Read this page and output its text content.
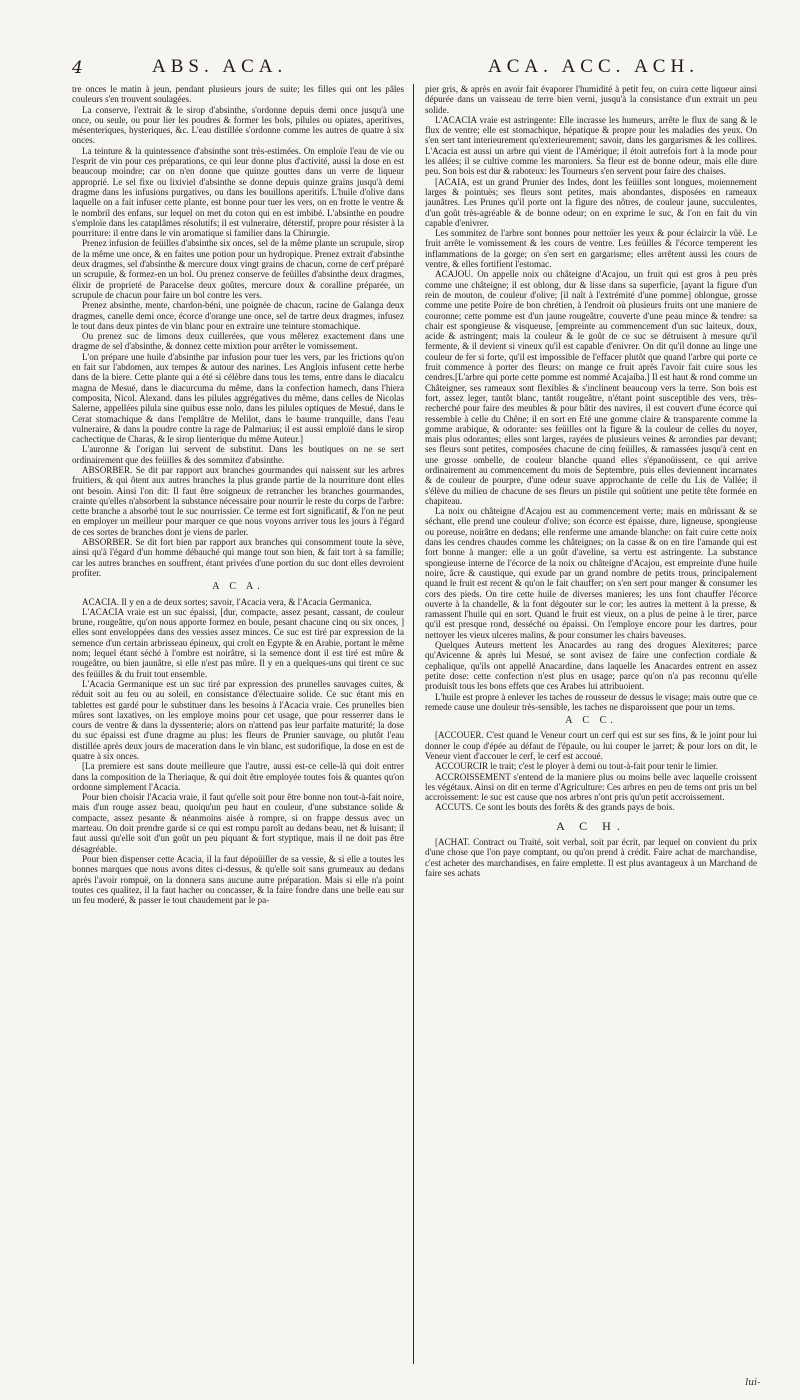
4	ABS. ACA.	ACA. ACC. ACH.

tre onces le matin à jeun, pendant plusieurs jours de suite; les filles qui ont les pâles couleurs s'en trouvent soulagées.

La conserve, l'extrait & le sirop d'absinthe, s'ordonne depuis demi once jusqu'à une once, ou seule, ou pour lier les poudres & former les bols, pilules ou opiates, aperitives, mésenteriques, hysteriques, &c. L'eau distillée s'ordonne comme les autres de quatre à six onces.

La teinture & la quintessence d'absinthe sont très-estimées. On emploïe l'eau de vie ou l'esprit de vin pour ces préparations, ce qui leur donne plus d'activité, aussi la dose en est beaucoup moindre; car on n'en donne que quinze gouttes dans un verre de liqueur approprié. Le sel fixe ou lixiviel d'absinthe se donne depuis quinze grains jusqu'à demi dragme dans les infusions purgatives, ou dans les bouillons aperitifs. L'huile d'olive dans laquelle on a fait infuser cette plante, est bonne pour tuer les vers, on en frotte le ventre & le nombril des enfans, sur lequel on met du coton qui en est imbibé. L'absinthe en poudre s'emploïe dans les cataplâmes résolutifs; il est vulneraire, déterstif, propre pour résister à la pourriture: il entre dans le vin aromatique si familier dans la Chirurgie.

Prenez infusion de feüilles d'absinthe six onces, sel de la même plante un scrupule, sirop de la même une once, & en faites une potion pour un hydropique. Prenez extrait d'absinthe deux dragmes, sel d'absinthe & mercure doux vingt grains de chacun, corne de cerf préparé un scrupule, & formez-en un bol. Ou prenez conserve de feüilles d'absinthe deux dragmes, élixir de proprieté de Paracelse deux goûtes, mercure doux & coralline préparée, un scrupule de chacun pour faire un bol contre les vers.

Prenez absinthe, mente, chardon-béni, une poignée de chacun, racine de Galanga deux dragmes, canelle demi once, écorce d'orange une once, sel de tartre deux dragmes, infusez le tout dans deux pintes de vin blanc pour en extraire une teinture stomachique.

Ou prenez suc de limons deux cuillerées, que vous mêlerez exactement dans une dragme de sel d'absinthe, & donnez cette mixtion pour arrêter le vomissement.

L'on prépare une huile d'absinthe par infusion pour tuer les vers, par les frictions qu'on en fait sur l'abdomen, aux tempes & autour des narines. Les Anglois infusent cette herbe dans de la biere. Cette plante qui a été si célèbre dans tous les tems, entre dans le diacalcu magna de Mesué, dans le diacurcuma du même, dans la confection hamech, dans l'hiera composita, Nicol. Alexand. dans les pilules aggrégatives du même, dans celles de Nicolas Salerne, appellées pilula sine quibus esse nolo, dans les pilules optiques de Mesué, dans le Cerat stomachique & dans l'emplâtre de Melilot, dans le baume tranquille, dans l'eau vulneraire, & dans la poudre contre la rage de Palmarius; il est aussi emploïé dans le sirop cachectique de Charas, & le sirop lienterique du même Auteur.]

L'auronne & l'origan lui servent de substitut. Dans les boutiques on ne se sert ordinairement que des feüilles & des sommitez d'absinthe.

ABSORBER. Se dit par rapport aux branches gourmandes qui naissent sur les arbres fruitiers, & qui ôtent aux autres branches la plus grande partie de la nourriture dont elles ont besoin. Ainsi l'on dit: Il faut être soigneux de retrancher les branches gourmandes, crainte qu'elles n'absorbent la substance nécessaire pour nourrir le reste du corps de l'arbre: cette branche a absorbé tout le suc nourrissier. Ce terme est fort significatif, & l'on ne peut en employer un meilleur pour marquer ce que nous voyons arriver tous les jours à l'égard de ces sortes de branches dont je viens de parler.

ABSORBER. Se dit fort bien par rapport aux branches qui consomment toute la sève, ainsi qu'à l'égard d'un homme débauché qui mange tout son bien, & fait tort à sa famille; car les autres branches en souffrent, étant privées d'une portion du suc dont elles devroient profiter.

A C A.

ACACIA. Il y en a de deux sortes; savoir, l'Acacia vera, & l'Acacia Germanica.

L'ACACIA vraie est un suc épaissi, [dur, compacte, assez pesant, cassant, de couleur brune, rougeâtre, qu'on nous apporte formez en boule, pesant chacune cinq ou six onces, ] elles sont enveloppées dans des vessies assez minces. Ce suc est tiré par expression de la semence d'un certain arbrisseau épineux, qui croît en Egypte & en Arabie, portant le même nom; lequel étant séché à l'ombre est noirâtre, si la semence dont il est tiré est mûre & rougeâtre, ou bien jaunâtre, si elle n'est pas mûre. Il y en a quelques-uns qui tirent ce suc des feüilles & du fruit tout ensemble.

L'Acacia Germanique est un suc tiré par expression des prunelles sauvages cuites, & réduit soit au feu ou au soleil, en consistance d'électuaire solide. Ce suc étant mis en tablettes est gardé pour le substituer dans les besoins à l'Acacia vraie. Ces prunelles bien mûres sont laxatives, on les employe moins pour cet usage, que pour resserrer dans le cours de ventre & dans la dyssenterie; alors on n'attend pas leur parfaite maturité; la dose du suc épaissi est d'une dragme au plus: les fleurs de Prunier sauvage, ou plutôt l'eau distillée après deux jours de maceration dans le vin blanc, est sudorifique, la dose en est de quatre à six onces.

[La premiere est sans doute meilleure que l'autre, aussi est-ce celle-là qui doit entrer dans la composition de la Theriaque, & qui doit être employée toutes fois & quantes qu'on ordonne simplement l'Acacia.

Pour bien choisir l'Acacia vraie, il faut qu'elle soit pour être bonne non tout-à-fait noire, mais d'un rouge assez beau, quoiqu'un peu haut en couleur, d'une substance solide & compacte, assez pesante & néanmoins aisée à rompre, si on frappe dessus avec un marteau. On doit prendre garde si ce qui est rompu paroît au dedans beau, net & luisant; il faut aussi qu'elle soit d'un goût un peu piquant & fort styptique, mais il ne doit pas être désagréable.

Pour bien dispenser cette Acacia, il la faut dépoüiller de sa vessie, & si elle a toutes les bonnes marques que nous avons dites ci-dessus, & qu'elle soit sans grumeaux au dedans après l'avoir rompuë, on la donnera sans aucune autre préparation. Mais si elle n'a point toutes ces qualitez, il la faut hacher ou concasser, & la faire fondre dans une belle eau sur un feu moderé, & passer le tout chaudement par le pa-

pier gris, & après en avoir fait évaporer l'humidité à petit feu, on cuira cette liqueur ainsi dépurée dans un vaisseau de terre bien verni, jusqu'à la consistance d'un extrait un peu solide.

L'ACACIA vraie est astringente: Elle incrasse les humeurs, arrête le flux de sang & le flux de ventre; elle est stomachique, hépatique & propre pour les maladies des yeux. On s'en sert tant interieurement qu'exterieurement; savoir, dans les gargarismes & les collires. L'Acacia est aussi un arbre qui vient de l'Amérique; il étoit autrefois fort à la mode pour les allées; il se cultive comme les maroniers. Sa fleur est de bonne odeur, mais elle dure peu. Son bois est dur & raboteux: les Tourneurs s'en servent pour faire des chaises.

[ACAIA, est un grand Prunier des Indes, dont les feüilles sont longues, moiennement larges & pointuës; ses fleurs sont petites, mais abondantes, disposées en rameaux jaunâtres. Les Prunes qu'il porte ont la figure des nôtres, de couleur jaune, succulentes, d'un goût très-agréable & de bonne odeur; on en exprime le suc, & l'on en fait du vin capable d'enivrer.

Les sommitez de l'arbre sont bonnes pour nettoïer les yeux & pour éclaircir la vûë. Le fruit arrête le vomissement & les cours de ventre. Les feüilles & l'écorce temperent les inflammations de la gorge; on s'en sert en gargarisme; elles arrêtent aussi les cours de ventre, & elles fortifient l'estomac.

ACAJOU. On appelle noix ou châteigne d'Acajou, un fruit qui est gros à peu près comme une châteigne; il est oblong, dur & lisse dans sa superficie, [ayant la figure d'un rein de mouton, de couleur d'olive; [il naît à l'extrémité d'une pomme] oblongue, grosse comme une petite Poire de bon chrétien, à l'endroit où plusieurs fruits ont une maniere de couronne; cette pomme est d'un jaune rougeâtre, couverte d'une peau mince & tendre: sa chair est spongieuse & visqueuse, [empreinte au commencement d'un suc laiteux, doux, acide & astringent; mais la couleur & le goût de ce suc se détruisent à mesure qu'il fermente, & il devient si vineux qu'il est capable d'enivrer. On dit qu'il donne au linge une couleur de fer si forte, qu'il est impossible de l'effacer plutôt que quand l'arbre qui porte ce fruit commence à porter des fleurs: on mange ce fruit après l'avoir fait cuire sous les cendres.[L'arbre qui porte cette pomme est nommé Acajaiba.] Il est haut & rond comme un Châteigner, ses rameaux sont flexibles & s'inclinent beaucoup vers la terre. Son bois est fort, assez leger, tantôt blanc, tantôt rougeâtre, n'étant point susceptible des vers, très-recherché pour faire des meubles & pour bâtir des navires, il est couvert d'une écorce qui ressemble à celle du Chêne; il en sort en Eté une gomme claire & transparente comme la gomme arabique, & odorante: ses feüilles ont la figure & la couleur de celles du noyer, mais plus odorantes; elles sont larges, rayées de plusieurs veines & arrondies par devant; ses fleurs sont petites, composées chacune de cinq feüilles, & ramassées jusqu'à cent en une grosse ombelle, de couleur blanche quand elles s'épanoüissent, ce qui arrive ordinairement au commencement du mois de Septembre, puis elles deviennent incarnates & de couleur de pourpre, d'une odeur suave approchante de celle du Lis de Vallée; il s'élève du milieu de chacune de ses fleurs un pistile qui soûtient une petite tête formée en chapiteau.

La noix ou châteigne d'Acajou est au commencement verte; mais en mûrissant & se séchant, elle prend une couleur d'olive; son écorce est épaisse, dure, ligneuse, spongieuse ou poreuse, noirâtre en dedans; elle renferme une amande blanche: on fait cuire cette noix dans les cendres chaudes comme les châteignes; on la casse & on en tire l'amande qui est fort bonne à manger: elle a un goût d'aveline, sa vertu est astringente. La substance spongieuse interne de l'écorce de la noix ou châteigne d'Acajou, est empreinte d'une huile noire, âcre & caustique, qui exude par un grand nombre de petits trous, principalement quand le fruit est recent & qu'on le fait chauffer; on s'en sert pour manger & consumer les cors des pieds. On tire cette huile de diverses manieres; les uns font chauffer l'écorce ouverte à la chandelle, & la font dégouter sur le cor; les autres la mettent à la presse, & ramassent l'huile qui en sort. Quand le fruit est vieux, on a plus de peine à le tirer, parce qu'il est presque rond, desséché ou épaissi. On l'employe encore pour les dartres, pour nettoyer les vieux ulceres malins, & pour consumer les chairs baveuses.

Quelques Auteurs mettent les Anacardes au rang des drogues Alexiteres; parce qu'Avicenne & après lui Mesué, se sont avisez de faire une confection cordiale & cephalique, qu'ils ont appellé Anacardine, dans laquelle les Anacardes entrent en assez petite dose: cette confection n'est plus en usage; parce qu'on n'a pas reconnu qu'elle produisît tous les bons effets que ces Arabes lui attribuoient.

L'huile est propre à enlever les taches de rousseur de dessus le visage; mais outre que ce remede cause une douleur très-sensible, les taches ne disparoissent que pour un tems.

A C C.

[ACCOUER. C'est quand le Veneur court un cerf qui est sur ses fins, & le joint pour lui donner le coup d'épée au défaut de l'épaule, ou lui couper le jarret; & pour lors on dit, le Veneur vient d'accouer le cerf, le cerf est accoué.

ACCOURCIR le trait; c'est le ployer à demi ou tout-à-fait pour tenir le limier.

ACCROISSEMENT s'entend de la maniere plus ou moins belle avec laquelle croissent les végétaux. Ainsi on dit en terme d'Agriculture: Ces arbres en peu de tems ont pris un bel accroissement: le suc est cause que nos arbres n'ont pris qu'un petit accroissement.

ACCUTS. Ce sont les bouts des forêts & des grands pays de bois.

A C H.

[ACHAT. Contract ou Traité, soit verbal, soit par écrit, par lequel on convient du prix d'une chose que l'on paye comptant, ou qu'on prend à crédit. Faire achat de marchandise, c'est acheter des marchandises, en faire emplette. Il est plus avantageux à un Marchand de faire ses achats

lui-
